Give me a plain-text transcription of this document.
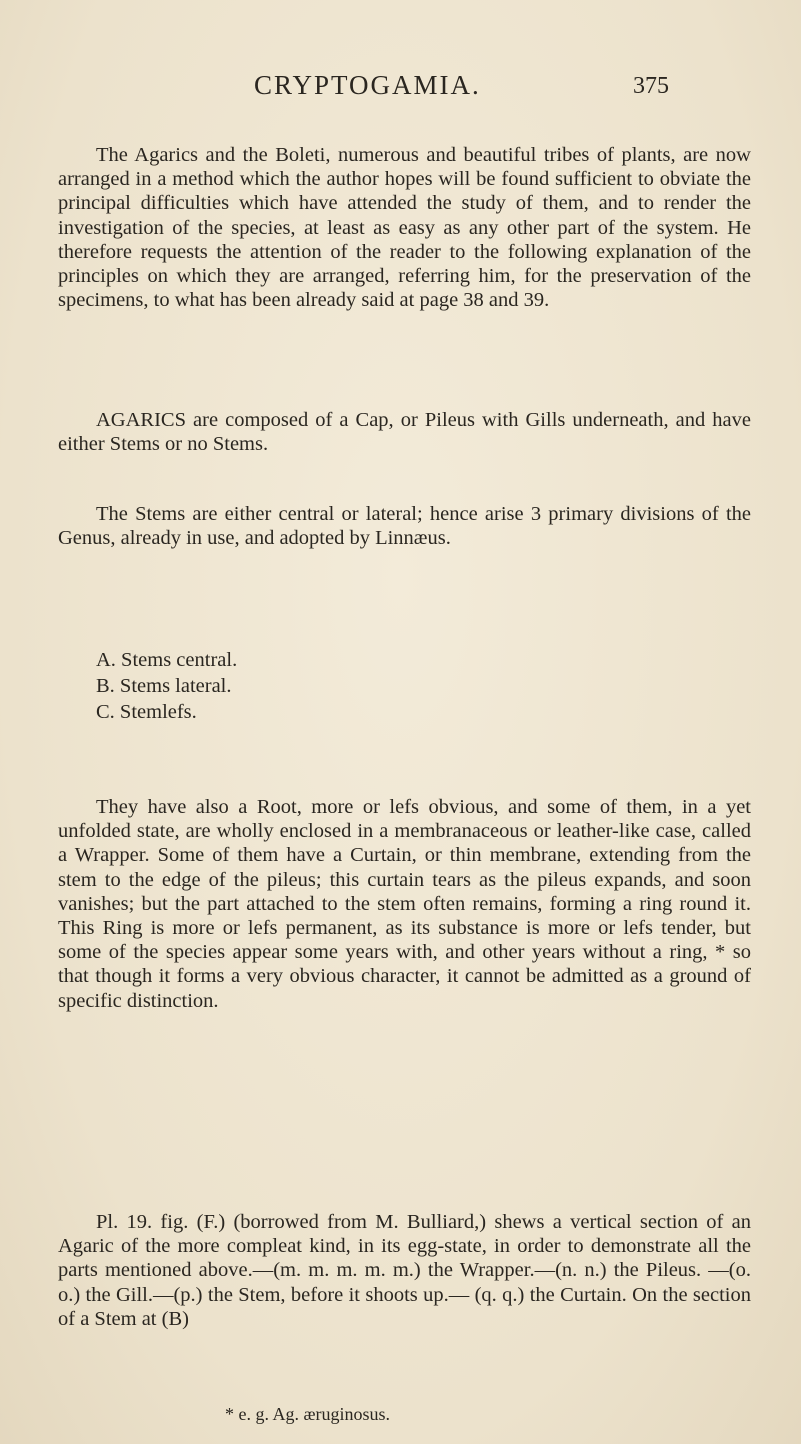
CRYPTOGAMIA.	375
The Agarics and the Boleti, numerous and beautiful tribes of plants, are now arranged in a method which the author hopes will be found sufficient to obviate the principal difficulties which have attended the study of them, and to render the investigation of the species, at least as easy as any other part of the system. He therefore requests the attention of the reader to the following explanation of the principles on which they are arranged, referring him, for the preservation of the specimens, to what has been already said at page 38 and 39.
AGARICS are composed of a Cap, or Pileus with Gills underneath, and have either Stems or no Stems.
The Stems are either central or lateral; hence arise 3 primary divisions of the Genus, already in use, and adopted by Linnæus.
A. Stems central.
B. Stems lateral.
C. Stemlefs.
They have also a Root, more or lefs obvious, and some of them, in a yet unfolded state, are wholly enclosed in a membranaceous or leather-like case, called a Wrapper. Some of them have a Curtain, or thin membrane, extending from the stem to the edge of the pileus; this curtain tears as the pileus expands, and soon vanishes; but the part attached to the stem often remains, forming a ring round it. This Ring is more or lefs permanent, as its substance is more or lefs tender, but some of the species appear some years with, and other years without a ring, * so that though it forms a very obvious character, it cannot be admitted as a ground of specific distinction.
Pl. 19. fig. (F.) (borrowed from M. Bulliard,) shews a vertical section of an Agaric of the more compleat kind, in its egg-state, in order to demonstrate all the parts mentioned above.—(m. m. m. m. m.) the Wrapper.—(n. n.) the Pileus. —(o. o.) the Gill.—(p.) the Stem, before it shoots up.— (q. q.) the Curtain. On the section of a Stem at (B)
* e. g. Ag. æruginosus.
